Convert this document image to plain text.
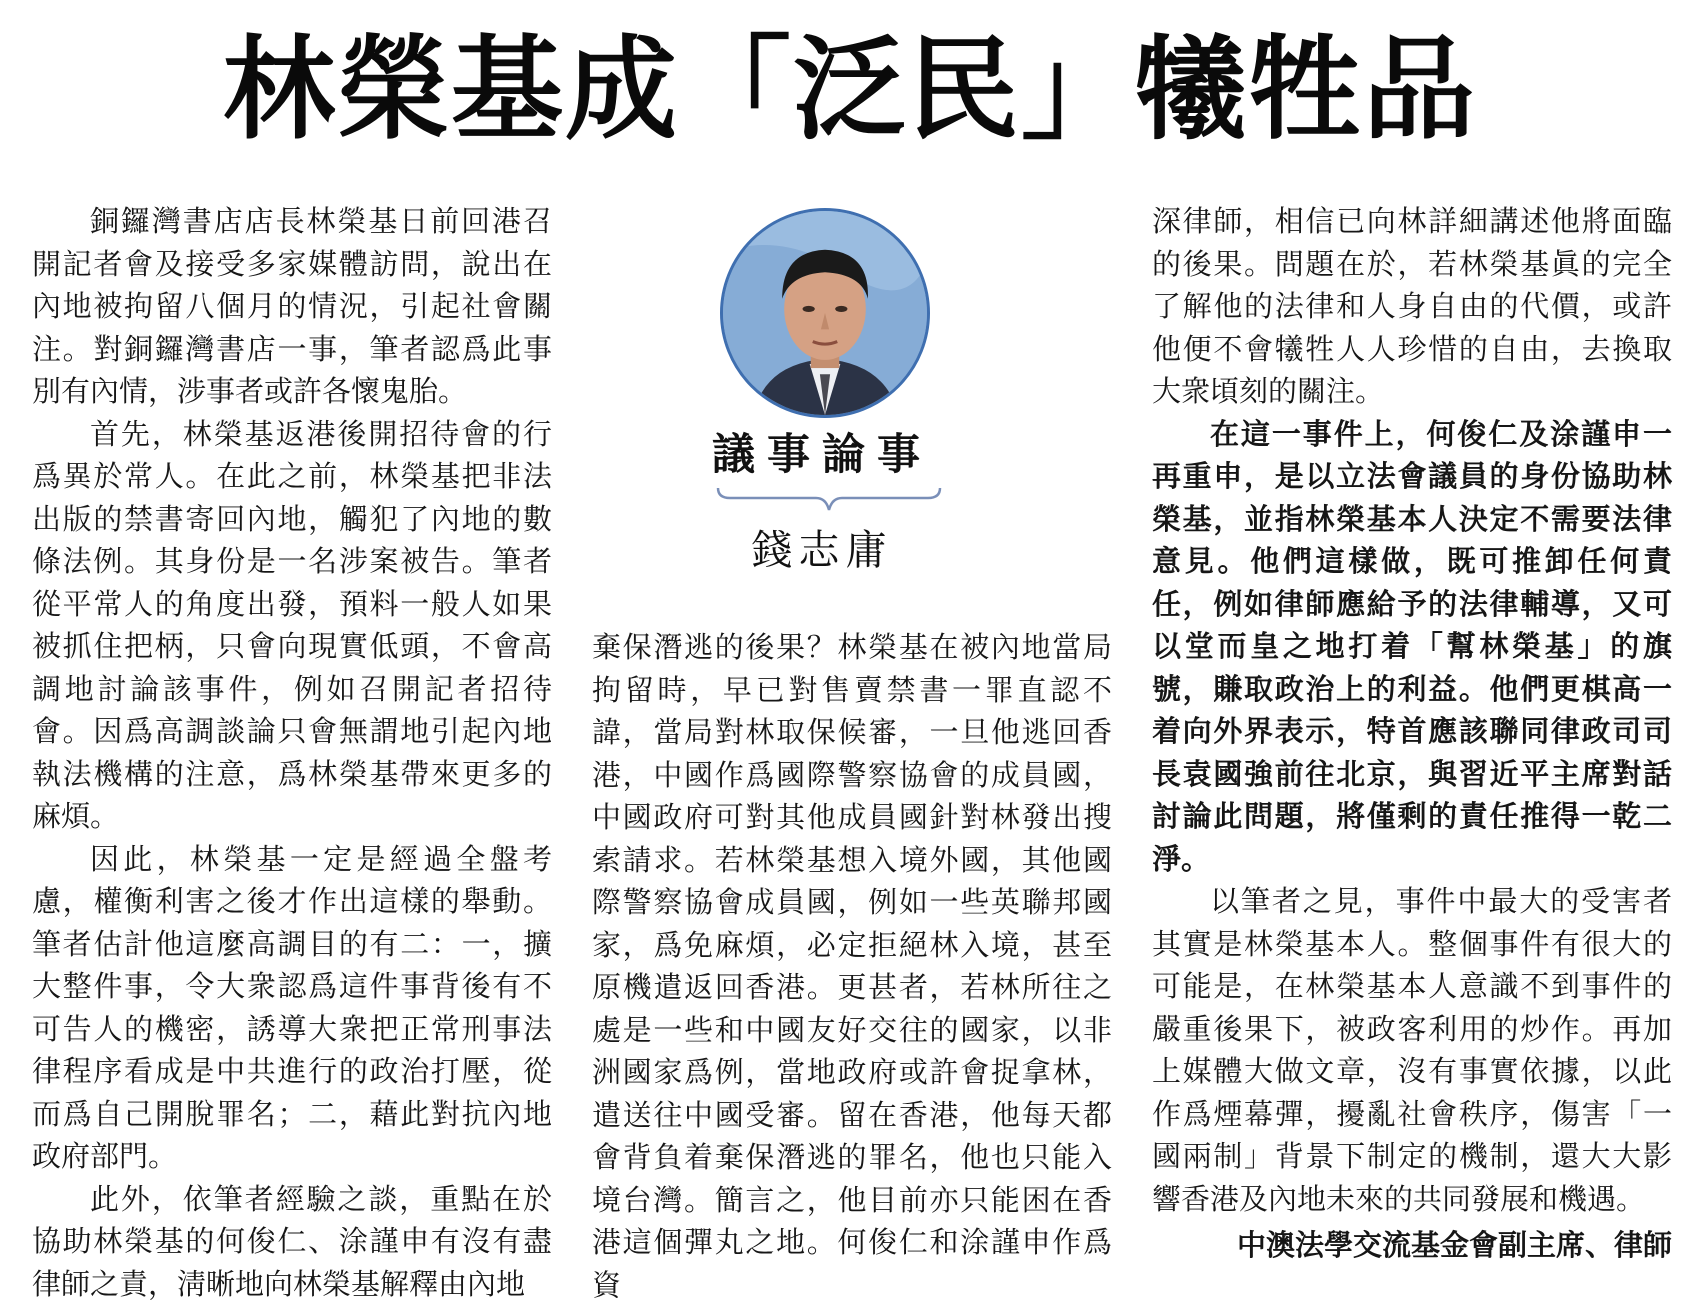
林榮基成「泛民」犧牲品

銅鑼灣書店店長林榮基日前回港召開記者會及接受多家媒體訪問，說出在內地被拘留八個月的情況，引起社會關注。對銅鑼灣書店一事，筆者認爲此事別有內情，涉事者或許各懷鬼胎。

首先，林榮基返港後開招待會的行爲異於常人。在此之前，林榮基把非法出版的禁書寄回內地，觸犯了內地的數條法例。其身份是一名涉案被告。筆者從平常人的角度出發，預料一般人如果被抓住把柄，只會向現實低頭，不會高調地討論該事件，例如召開記者招待會。因爲高調談論只會無謂地引起內地執法機構的注意，爲林榮基帶來更多的麻煩。

因此，林榮基一定是經過全盤考慮，權衡利害之後才作出這樣的舉動。筆者估計他這麼高調目的有二：一，擴大整件事，令大衆認爲這件事背後有不可告人的機密，誘導大衆把正常刑事法律程序看成是中共進行的政治打壓，從而爲自己開脫罪名；二，藉此對抗內地政府部門。

此外，依筆者經驗之談，重點在於協助林榮基的何俊仁、涂謹申有沒有盡律師之責，淸晰地向林榮基解釋由內地

議事論事
錢志庸

棄保潛逃的後果？林榮基在被內地當局拘留時，早已對售賣禁書一罪直認不諱，當局對林取保候審，一旦他逃回香港，中國作爲國際警察協會的成員國，中國政府可對其他成員國針對林發出搜索請求。若林榮基想入境外國，其他國際警察協會成員國，例如一些英聯邦國家，爲免麻煩，必定拒絕林入境，甚至原機遣返回香港。更甚者，若林所往之處是一些和中國友好交往的國家，以非洲國家爲例，當地政府或許會捉拿林，遣送往中國受審。留在香港，他每天都會背負着棄保潛逃的罪名，他也只能入境台灣。簡言之，他目前亦只能困在香港這個彈丸之地。何俊仁和涂謹申作爲資

深律師，相信已向林詳細講述他將面臨的後果。問題在於，若林榮基眞的完全了解他的法律和人身自由的代價，或許他便不會犧牲人人珍惜的自由，去換取大衆頃刻的關注。

在這一事件上，何俊仁及涂謹申一再重申，是以立法會議員的身份協助林榮基，並指林榮基本人決定不需要法律意見。他們這樣做，既可推卸任何責任，例如律師應給予的法律輔導，又可以堂而皇之地打着「幫林榮基」的旗號，賺取政治上的利益。他們更棋高一着向外界表示，特首應該聯同律政司司長袁國強前往北京，與習近平主席對話討論此問題，將僅剩的責任推得一乾二淨。

以筆者之見，事件中最大的受害者其實是林榮基本人。整個事件有很大的可能是，在林榮基本人意識不到事件的嚴重後果下，被政客利用的炒作。再加上媒體大做文章，沒有事實依據，以此作爲煙幕彈，擾亂社會秩序，傷害「一國兩制」背景下制定的機制，還大大影響香港及內地未來的共同發展和機遇。

中澳法學交流基金會副主席、律師
